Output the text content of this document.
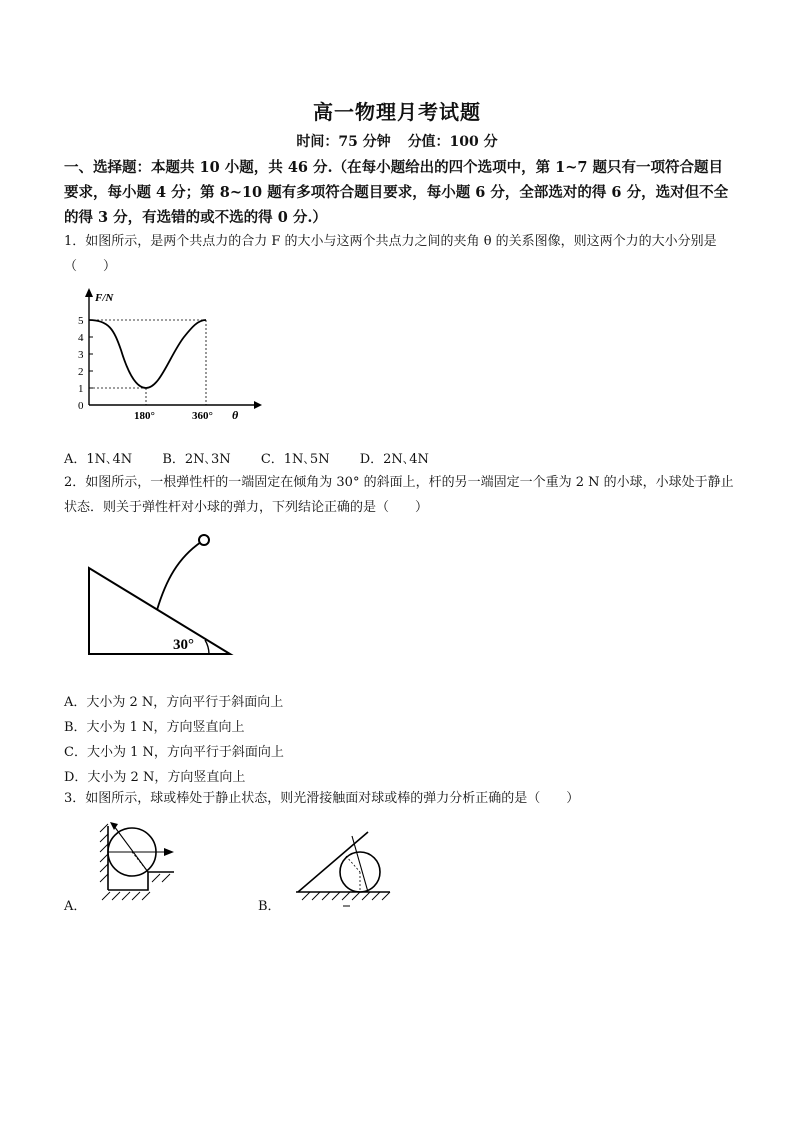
高一物理月考试题
时间：75 分钟 分值：100 分
一、选择题：本题共 10 小题，共 46 分.（在每小题给出的四个选项中，第 1~7 题只有一项符合题目要求，每小题 4 分；第 8~10 题有多项符合题目要求，每小题 6 分，全部选对的得 6 分，选对但不全的得 3 分，有选错的或不选的得 0 分.）
1．如图所示，是两个共点力的合力 F 的大小与这两个共点力之间的夹角 θ 的关系图像，则这两个力的大小分别是（　　）
5
4
3
2
1
0
F/N
180°	360° θ
A．1N､4N B．2N､3N C．1N､5N D．2N､4N
2．如图所示，一根弹性杆的一端固定在倾角为 30° 的斜面上，杆的另一端固定一个重为 2 N 的小球，小球处于静止状态．则关于弹性杆对小球的弹力，下列结论正确的是（　　）
30°
A．大小为 2 N，方向平行于斜面向上
B．大小为 1 N，方向竖直向上
C．大小为 1 N，方向平行于斜面向上
D．大小为 2 N，方向竖直向上
3．如图所示，球或棒处于静止状态，则光滑接触面对球或棒的弹力分析正确的是（　　）
A．	B．
